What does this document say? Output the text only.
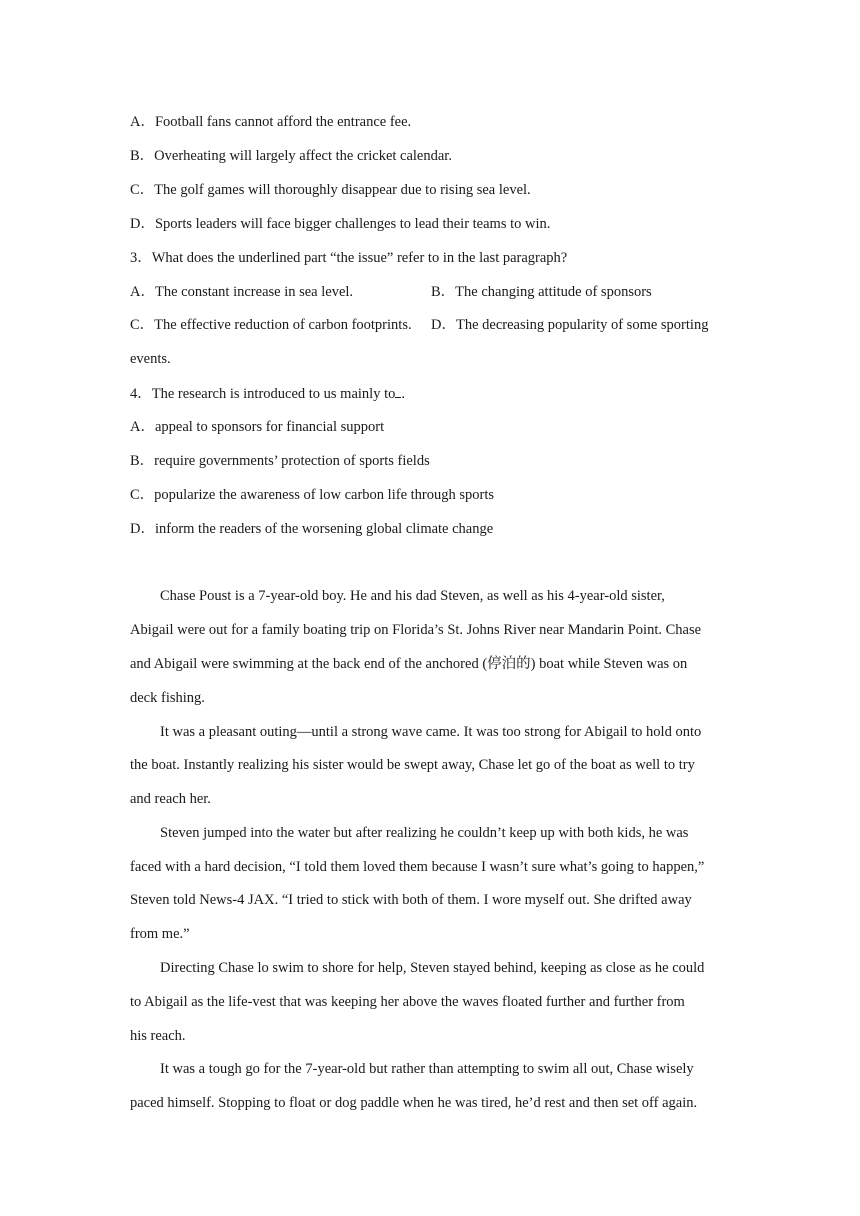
A．Football fans cannot afford the entrance fee.
B．Overheating will largely affect the cricket calendar.
C．The golf games will thoroughly disappear due to rising sea level.
D．Sports leaders will face bigger challenges to lead their teams to win.
3．What does the underlined part “the issue” refer to in the last paragraph?
A．The constant increase in sea level.	B．The changing attitude of sponsors
C．The effective reduction of carbon footprints. D．The decreasing popularity of some sporting
events.
4．The research is introduced to us mainly to .
A．appeal to sponsors for financial support
B．require governments’ protection of sports fields
C．popularize the awareness of low carbon life through sports
D．inform the readers of the worsening global climate change
Chase Poust is a 7-year-old boy. He and his dad Steven, as well as his 4-year-old sister,
Abigail were out for a family boating trip on Florida’s St. Johns River near Mandarin Point. Chase
and Abigail were swimming at the back end of the anchored (停泊的) boat while Steven was on
deck fishing.
It was a pleasant outing—until a strong wave came. It was too strong for Abigail to hold onto
the boat. Instantly realizing his sister would be swept away, Chase let go of the boat as well to try
and reach her.
Steven jumped into the water but after realizing he couldn’t keep up with both kids, he was
faced with a hard decision, “I told them loved them because I wasn’t sure what’s going to happen,”
Steven told News-4 JAX. “I tried to stick with both of them. I wore myself out. She drifted away
from me.”
Directing Chase lo swim to shore for help, Steven stayed behind, keeping as close as he could
to Abigail as the life-vest that was keeping her above the waves floated further and further from
his reach.
It was a tough go for the 7-year-old but rather than attempting to swim all out, Chase wisely
paced himself. Stopping to float or dog paddle when he was tired, he’d rest and then set off again.
